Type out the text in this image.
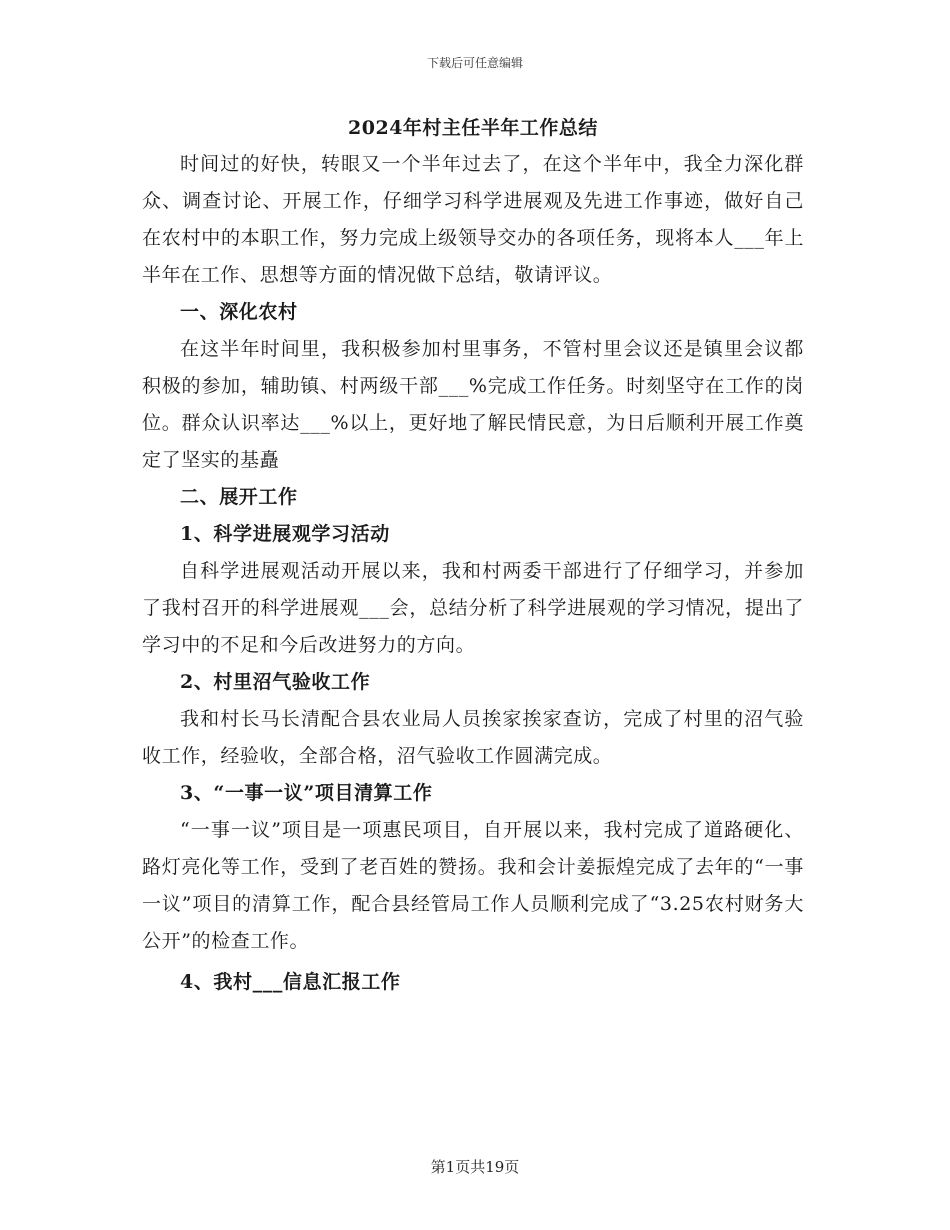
下载后可任意编辑
2024年村主任半年工作总结

时间过的好快，转眼又一个半年过去了，在这个半年中，我全力深化群众、调查讨论、开展工作，仔细学习科学进展观及先进工作事迹，做好自己在农村中的本职工作，努力完成上级领导交办的各项任务，现将本人___年上半年在工作、思想等方面的情况做下总结，敬请评议。

一、深化农村

在这半年时间里，我积极参加村里事务，不管村里会议还是镇里会议都积极的参加，辅助镇、村两级干部___%完成工作任务。时刻坚守在工作的岗位。群众认识率达___%以上，更好地了解民情民意，为日后顺利开展工作奠定了坚实的基矗

二、展开工作

1、科学进展观学习活动

自科学进展观活动开展以来，我和村两委干部进行了仔细学习，并参加了我村召开的科学进展观___会，总结分析了科学进展观的学习情况，提出了学习中的不足和今后改进努力的方向。

2、村里沼气验收工作

我和村长马长清配合县农业局人员挨家挨家查访，完成了村里的沼气验收工作，经验收，全部合格，沼气验收工作圆满完成。

3、“一事一议”项目清算工作

“一事一议”项目是一项惠民项目，自开展以来，我村完成了道路硬化、路灯亮化等工作，受到了老百姓的赞扬。我和会计姜振煌完成了去年的“一事一议”项目的清算工作，配合县经管局工作人员顺利完成了“3.25农村财务大公开”的检查工作。

4、我村___信息汇报工作

第1页共19页
